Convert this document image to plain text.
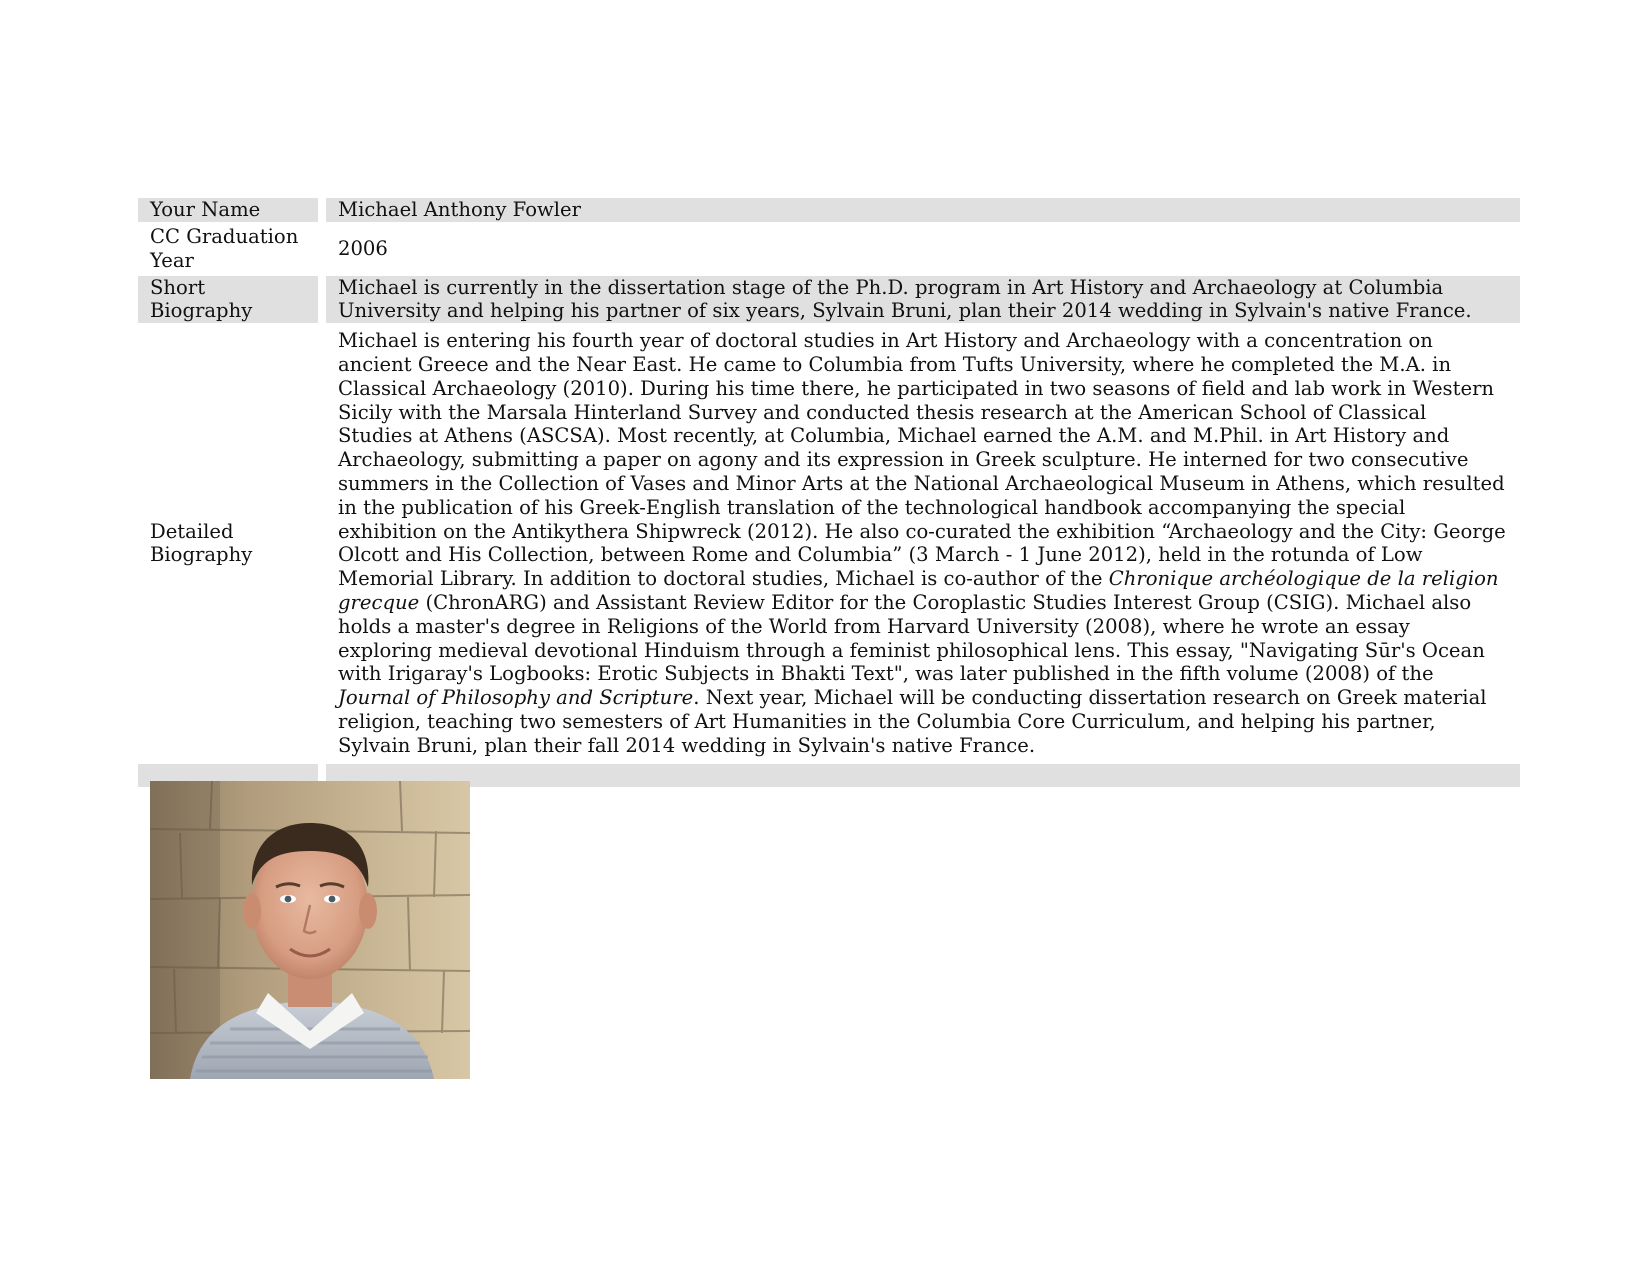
Your Name	Michael Anthony Fowler
CC Graduation Year	2006
Short Biography	Michael is currently in the dissertation stage of the Ph.D. program in Art History and Archaeology at Columbia University and helping his partner of six years, Sylvain Bruni, plan their 2014 wedding in Sylvain's native France.
Detailed Biography	Michael is entering his fourth year of doctoral studies in Art History and Archaeology with a concentration on ancient Greece and the Near East. He came to Columbia from Tufts University, where he completed the M.A. in Classical Archaeology (2010). During his time there, he participated in two seasons of field and lab work in Western Sicily with the Marsala Hinterland Survey and conducted thesis research at the American School of Classical Studies at Athens (ASCSA). Most recently, at Columbia, Michael earned the A.M. and M.Phil. in Art History and Archaeology, submitting a paper on agony and its expression in Greek sculpture. He interned for two consecutive summers in the Collection of Vases and Minor Arts at the National Archaeological Museum in Athens, which resulted in the publication of his Greek-English translation of the technological handbook accompanying the special exhibition on the Antikythera Shipwreck (2012). He also co-curated the exhibition “Archaeology and the City: George Olcott and His Collection, between Rome and Columbia” (3 March - 1 June 2012), held in the rotunda of Low Memorial Library. In addition to doctoral studies, Michael is co-author of the Chronique archéologique de la religion grecque (ChronARG) and Assistant Review Editor for the Coroplastic Studies Interest Group (CSIG). Michael also holds a master's degree in Religions of the World from Harvard University (2008), where he wrote an essay exploring medieval devotional Hinduism through a feminist philosophical lens. This essay, "Navigating Sūr's Ocean with Irigaray's Logbooks: Erotic Subjects in Bhakti Text", was later published in the fifth volume (2008) of the Journal of Philosophy and Scripture. Next year, Michael will be conducting dissertation research on Greek material religion, teaching two semesters of Art Humanities in the Columbia Core Curriculum, and helping his partner, Sylvain Bruni, plan their fall 2014 wedding in Sylvain's native France.
